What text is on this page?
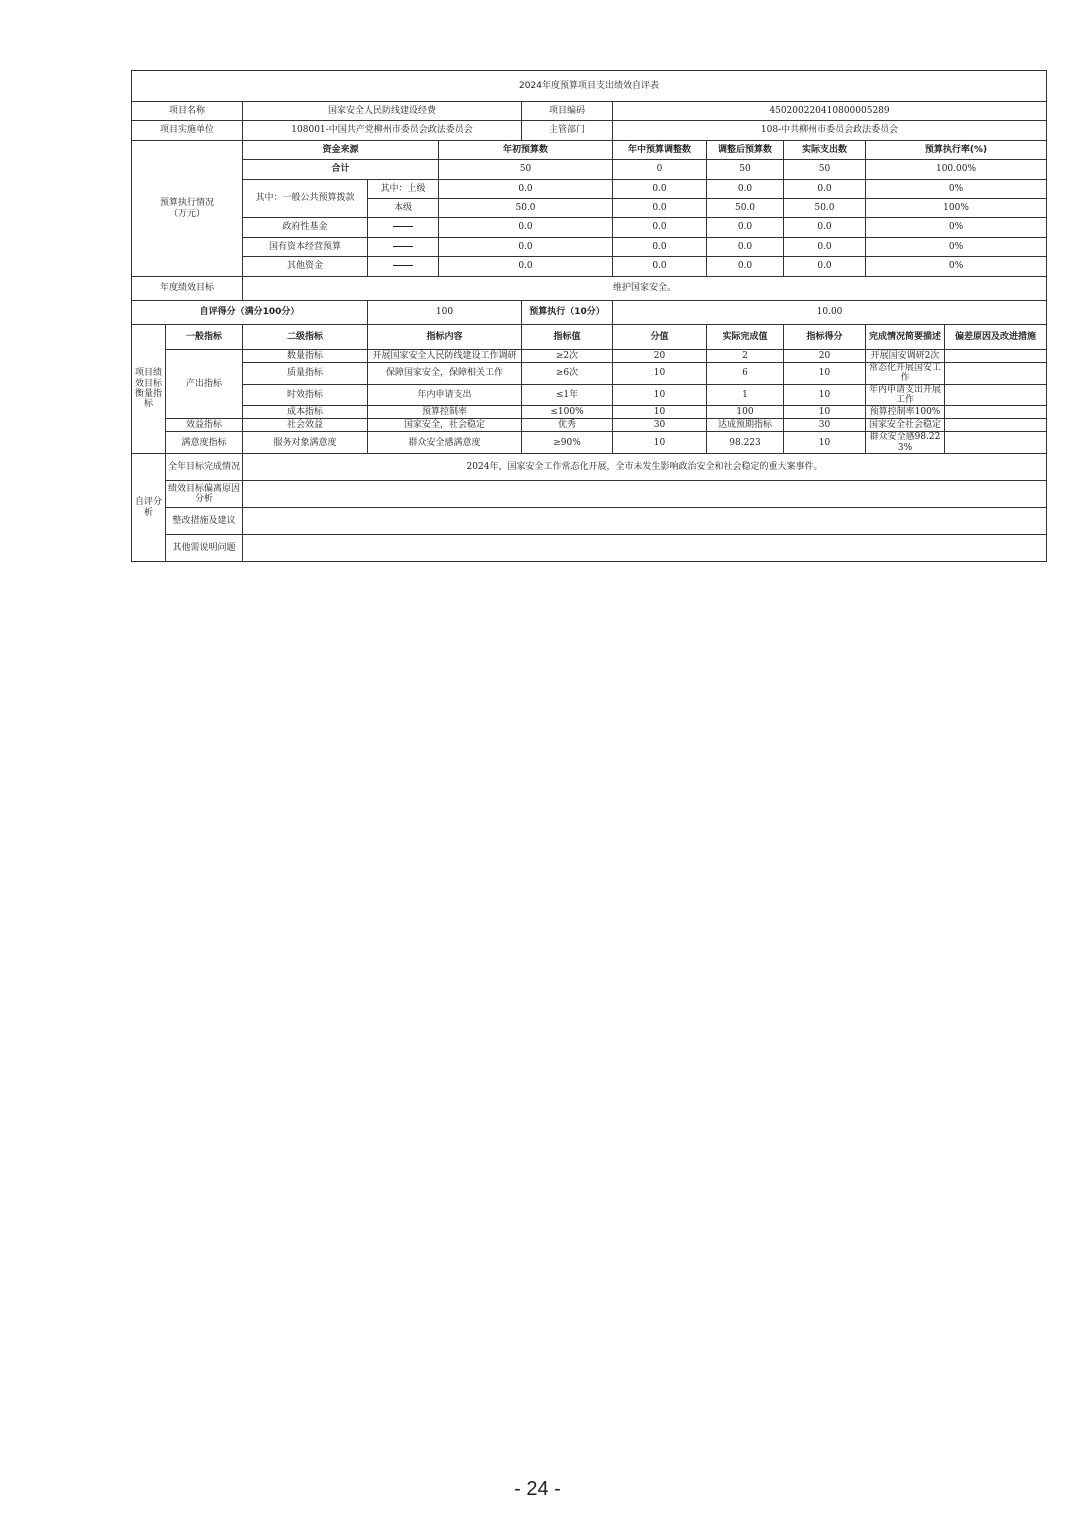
2024年度预算项目支出绩效自评表										
项目名称		国家安全人民防线建设经费			项目编码	450200220410800005289				
项目实施单位		108001-中国共产党柳州市委员会政法委员会			主管部门	108-中共柳州市委员会政法委员会				
预算执行情况
（万元）		资金来源		年初预算数		年中预算调整数	调整后预算数	实际支出数	预算执行率(%)	
		合计		50		0	50	50	100.00%	
		其中：一般公共预算拨款	其中：上级	0.0		0.0	0.0	0.0	0%	
			本级	50.0		0.0	50.0	50.0	100%	
		政府性基金		0.0		0.0	0.0	0.0	0%	
		国有资本经营预算		0.0		0.0	0.0	0.0	0%	
		其他资金		0.0		0.0	0.0	0.0	0%	
年度绩效目标		维护国家安全。								
自评得分（满分100分）			100		预算执行（10分）	10.00				
项目绩效目标衡量指标	一般指标	二级指标	指标内容		指标值	分值	实际完成值	指标得分	完成情况简要描述	偏差原因及改进措施
	产出指标	数量指标	开展国家安全人民防线建设工作调研		≥2次	20	2	20	开展国安调研2次	
		质量指标	保障国家安全，保障相关工作		≥6次	10	6	10	常态化开展国安工作	
		时效指标	年内申请支出		≤1年	10	1	10	年内申请支出开展工作	
		成本指标	预算控制率		≤100%	10	100	10	预算控制率100%	
	效益指标	社会效益	国家安全，社会稳定		优秀	30	达成预期指标	30	国家安全社会稳定	
	满意度指标	服务对象满意度	群众安全感满意度		≥90%	10	98.223	10	群众安全感98.223%	
自评分析	全年目标完成情况	2024年，国家安全工作常态化开展，全市未发生影响政治安全和社会稳定的重大案事件。								
	绩效目标偏离原因分析									
	整改措施及建议									
	其他需说明问题									
- 24 -
